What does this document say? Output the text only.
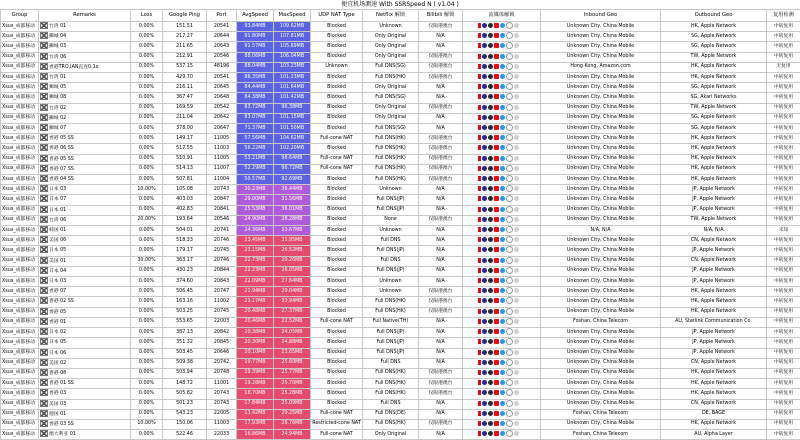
便宜机场测速 With SSRSpeed N ( v1.04 )
Group	Remarks	Loss	Google Ping	Port	AvgSpeed	MaxSpeed	UDP NAT Type	Netflix 解锁	Bilibili 解锁	流媒体解锁	Inbound Geo	Outbound Geo	复用检测
Xsus_成都移动	台湾 01	0.00%	151.51	20541	93.84MB	109.62MB	Blocked	Unknown	仅限港澳台		Unknown City, China Mobile	HK, Apple Network	中转复用
Xsus_成都移动	狮城 04	0.00%	217.27	20644	91.80MB	107.81MB	Blocked	Only Original	N/A		Unknown City, China Mobile	SG, Apple Network	中转复用
Xsus_成都移动	狮城 03	0.00%	211.65	20643	91.57MB	105.89MB	Blocked	Only Original	N/A		Unknown City, China Mobile	SG, Apple Network	中转复用
Xsus_成都移动	台湾 06	0.00%	212.91	20546	88.06MB	106.04MB	Blocked	Only Original	仅限港澳台		Unknown City, China Mobile	TW, Apple Network	中转复用
Xsus_成都移动	香港TRO,IAN直连0.1x	0.00%	537.15	48196	88.04MB	103.23MB	Unknown	Full DNS(SG)	仅限港澳台		Hong Kong, Amazon.com	HK, Apple Network	无复用
Xsus_成都移动	台湾 01	0.00%	429.70	20541	86.35MB	101.23MB	Blocked	Full DNS(HK)	仅限港澳台		Unknown City, China Mobile	HK, Apple Network	中转复用
Xsus_成都移动	狮城 05	0.00%	216.11	20645	84.44MB	101.64MB	Blocked	Only Original	N/A		Unknown City, China Mobile	SG, Apple Network	中转复用
Xsus_成都移动	狮城 08	0.00%	367.47	20648	84.38MB	101.42MB	Blocked	Full DNS(SG)	N/A		Unknown City, China Mobile	SG, Akari Networks	中转复用
Xsus_成都移动	台湾 02	0.00%	169.59	20542	83.72MB	96.38MB	Blocked	Only Original	仅限港澳台		Unknown City, China Mobile	TW, Apple Network	中转复用
Xsus_成都移动	狮城 02	0.00%	211.04	20642	83.07MB	101.15MB	Blocked	Only Original	N/A		Unknown City, China Mobile	SG, Apple Network	中转复用
Xsus_成都移动	狮城 07	0.00%	378.00	20647	71.37MB	101.50MB	Blocked	Full DNS(SG)	N/A		Unknown City, China Mobile	SG, Apple Network	中转复用
Xsus_成都移动	香港 05 SS	0.00%	149.17	11005	57.56MB	104.62MB	Full-cone NAT	Full DNS(HK)	仅限港澳台		Unknown City, China Mobile	HK, Apple Network	中转复用
Xsus_成都移动	香港 06 SS	0.00%	517.55	11003	56.22MB	102.20MB	Blocked	Full DNS(HK)	仅限港澳台		Unknown City, China Mobile	HK, Apple Network	中转复用
Xsus_成都移动	香港 05 SS	0.00%	510.91	11005	53.21MB	98.64MB	Full-cone NAT	Full DNS(HK)	仅限港澳台		Unknown City, China Mobile	HK, Apple Network	中转复用
Xsus_成都移动	香港 07 SS	0.00%	514.13	11007	52.29MB	96.72MB	Full-cone NAT	Full DNS(HK)	仅限港澳台		Unknown City, China Mobile	HK, Apple Network	中转复用
Xsus_成都移动	香港 04 SS	0.00%	507.81	11004	50.57MB	92.69MB	Blocked	Full DNS(HK)	仅限港澳台		Unknown City, China Mobile	HK, Apple Network	中转复用
Xsus_成都移动	日本 03	10.00%	105.08	20743	30.23MB	36.44MB	Blocked	Unknown	N/A		Unknown City, China Mobile	JP, Apple Network	中转复用
Xsus_成都移动	日本 07	0.00%	403.03	20847	29.00MB	31.56MB	Blocked	Full DNS(JP)	N/A		Unknown City, China Mobile	JP, Apple Network	中转复用
Xsus_成都移动	日本 01	0.00%	402.83	20841	25.53MB	36.01MB	Blocked	Full DNS(JP)	N/A		Unknown City, China Mobile	JP, Apple Network	中转复用
Xsus_成都移动	台湾 06	20.00%	193.64	20546	24.90MB	28.28MB	Blocked	None	仅限港澳台		Unknown City, China Mobile	TW, Apple Network	中转复用
Xsus_成都移动	韩国 01	0.00%	504.01	20741	24.36MB	33.67MB	Blocked	Unknown	N/A		N/A, N/A	N/A, N/A	未知
Xsus_成都移动	美国 06	0.00%	518.33	20746	23.45MB	31.95MB	Blocked	Full DNS	N/A		Unknown City, China Mobile	CN, Apple Network	中转复用
Xsus_成都移动	日本 05	0.00%	179.17	20745	23.15MB	26.52MB	Blocked	Full DNS(JP)	N/A		Unknown City, China Mobile	JP, Apple Network	中转复用
Xsus_成都移动	美国 01	30.00%	363.17	20746	22.73MB	29.26MB	Blocked	Full DNS	N/A		Unknown City, China Mobile	CN, Apple Network	中转复用
Xsus_成都移动	日本 04	0.00%	430.23	20844	22.23MB	26.05MB	Blocked	Full DNS(JP)	N/A		Unknown City, China Mobile	JP, Apple Network	中转复用
Xsus_成都移动	日本 03	0.00%	374.60	20843	22.09MB	27.64MB	Blocked	Unknown	N/A		Unknown City, China Mobile	JP, Apple Network	中转复用
Xsus_成都移动	香港 07	0.00%	506.45	20747	21.94MB	29.04MB	Blocked	Unknown	仅限港澳台		Unknown City, China Mobile	HK, Apple Network	中转复用
Xsus_成都移动	香港 02 SS	0.00%	163.16	11002	21.17MB	33.94MB	Blocked	Full DNS(HK)	仅限港澳台		Unknown City, China Mobile	HK, Apple Network	中转复用
Xsus_成都移动	香港 05	0.00%	503.25	20745	20.48MB	27.37MB	Blocked	Full DNS(HK)	仅限港澳台		Unknown City, China Mobile	HK, Apple Network	中转复用
Xsus_成都移动	香港 01	0.00%	553.65	22003	20.46MB	22.52MB	Full-cone NAT	Full Native(TH)	N/A		Foshan, China Telecom	AU, Starlink Communication Co.	中转复用
Xsus_成都移动	日本 02	0.00%	387.13	20842	20.38MB	24.05MB	Blocked	Full DNS(JP)	N/A		Unknown City, China Mobile	JP, Apple Network	中转复用
Xsus_成都移动	日本 05	0.00%	351.32	20845	20.30MB	24.88MB	Blocked	Full DNS(JP)	N/A		Unknown City, China Mobile	JP, Apple Network	中转复用
Xsus_成都移动	日本 06	0.00%	503.45	20646	20.10MB	23.65MB	Blocked	Full DNS(JP)	N/A		Unknown City, China Mobile	JP, Apple Network	中转复用
Xsus_成都移动	美国 02	0.00%	509.38	20742	19.77MB	25.60MB	Blocked	Full DNS	N/A		Unknown City, China Mobile	CN, Apple Network	中转复用
Xsus_成都移动	香港 08	0.00%	503.94	20748	19.39MB	25.77MB	Blocked	Full DNS(HK)	仅限港澳台		Unknown City, China Mobile	HK, Apple Network	中转复用
Xsus_成都移动	香港 01 SS	0.00%	148.72	11001	19.28MB	25.70MB	Blocked	Full DNS(HK)	仅限港澳台		Unknown City, China Mobile	HK, Apple Network	中转复用
Xsus_成都移动	香港 03	0.00%	505.82	20743	18.70MB	25.28MB	Blocked	Full DNS(HK)	仅限港澳台		Unknown City, China Mobile	HK, Apple Network	中转复用
Xsus_成都移动	美国 03	0.00%	501.23	20743	17.84MB	25.09MB	Blocked	Full DNS	N/A		Unknown City, China Mobile	CN, Apple Network	中转复用
Xsus_成都移动	德国 01	0.00%	543.23	22005	13.42MB	29.25MB	Full-cone NAT	Full DNS(DE)	N/A		Foshan, China Telecom	DE, BAGE	中转复用
Xsus_成都移动	香港 03 SS	10.00%	150.06	11003	17.93MB	28.76MB	Restricted-cone NAT	Full DNS(HK)	仅限港澳台		Unknown City, China Mobile	HK, Apple Network	中转复用
Xsus_成都移动	澳大利亚 01	0.00%	522.46	22033	16.86MB	24.94MB	Full-cone NAT	Only Original	N/A		Foshan, China Telecom	AU, Alpha Layer	中转复用
